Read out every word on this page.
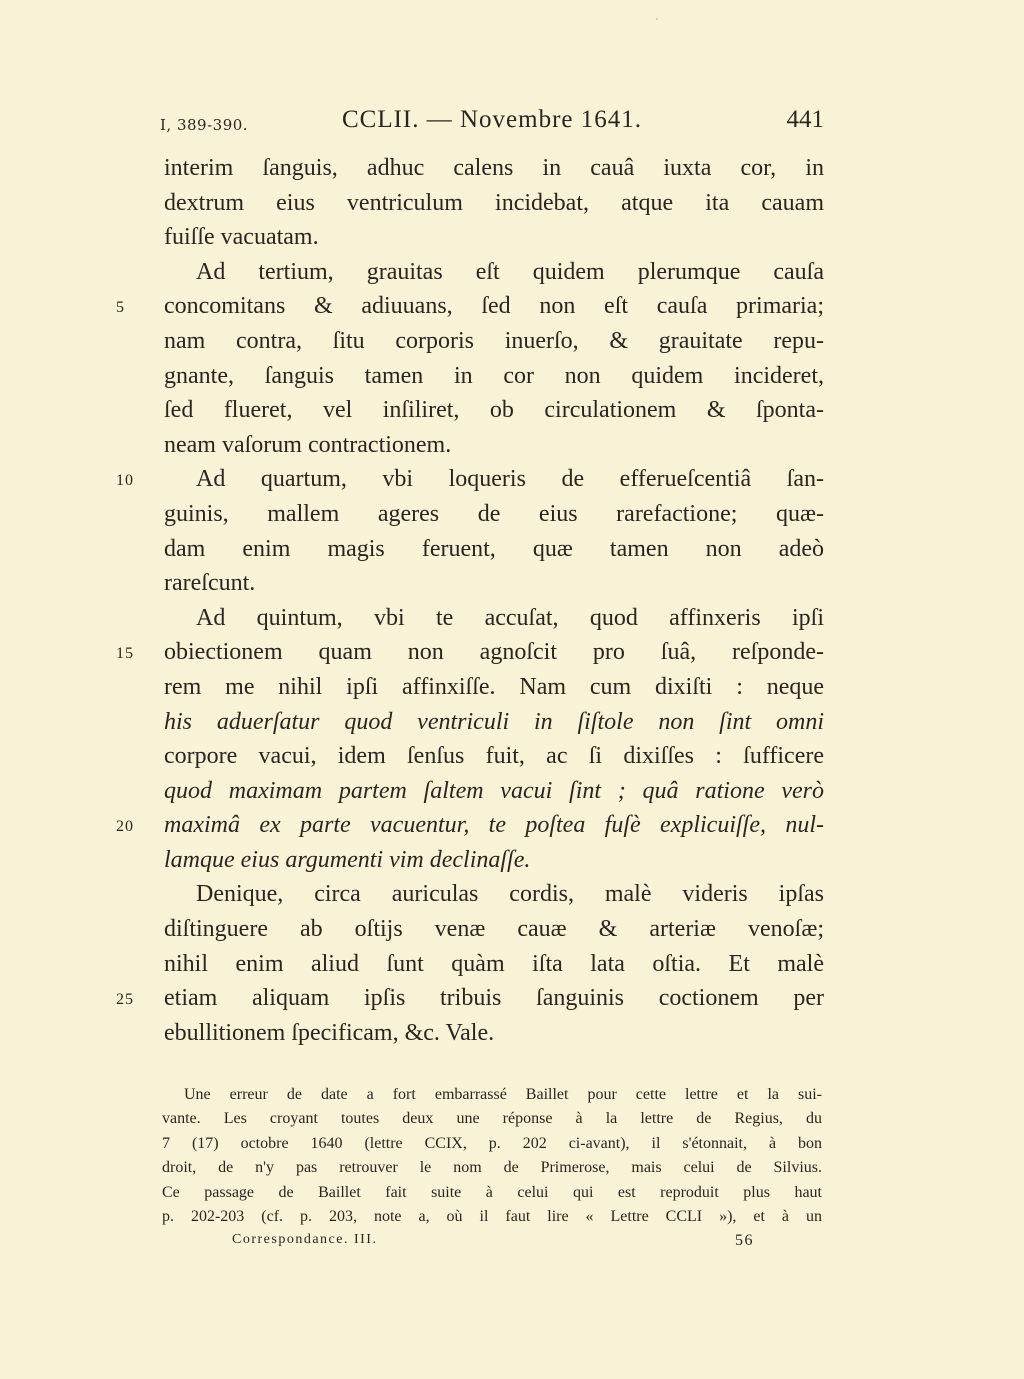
I, 389-390.	CCLII. — Novembre 1641.	441
interim ſanguis, adhuc calens in cauâ iuxta cor, in
dextrum eius ventriculum incidebat, atque ita cauam
fuiſſe vacuatam.
Ad tertium, grauitas eſt quidem plerumque cauſa
concomitans & adiuuans, ſed non eſt cauſa primaria;
nam contra, ſitu corporis inuerſo, & grauitate repu-
gnante, ſanguis tamen in cor non quidem incideret,
ſed flueret, vel inſiliret, ob circulationem & ſponta-
neam vaſorum contractionem.
Ad quartum, vbi loqueris de efferueſcentiâ ſan-
guinis, mallem ageres de eius rarefactione; quæ-
dam enim magis feruent, quæ tamen non adeò
rareſcunt.
Ad quintum, vbi te accuſat, quod affinxeris ipſi
obiectionem quam non agnoſcit pro ſuâ, reſponde-
rem me nihil ipſi affinxiſſe. Nam cum dixiſti : neque
his aduerſatur quod ventriculi in ſiſtole non ſint omni
corpore vacui, idem ſenſus fuit, ac ſi dixiſſes : ſufficere
quod maximam partem ſaltem vacui ſint ; quâ ratione verò
maximâ ex parte vacuentur, te poſtea fuſè explicuiſſe, nul-
lamque eius argumenti vim declinaſſe.
Denique, circa auriculas cordis, malè videris ipſas
diſtinguere ab oſtijs venæ cauæ & arteriæ venoſæ;
nihil enim aliud ſunt quàm iſta lata oſtia. Et malè
etiam aliquam ipſis tribuis ſanguinis coctionem per
ebullitionem ſpecificam, &c. Vale.
Une erreur de date a fort embarrassé Baillet pour cette lettre et la sui-
vante. Les croyant toutes deux une réponse à la lettre de Regius, du
7 (17) octobre 1640 (lettre CCIX, p. 202 ci-avant), il s'étonnait, à bon
droit, de n'y pas retrouver le nom de Primerose, mais celui de Silvius.
Ce passage de Baillet fait suite à celui qui est reproduit plus haut
p. 202-203 (cf. p. 203, note a, où il faut lire « Lettre CCLI »), et à un
Correspondance. III.	56
5
10
15
20
25
